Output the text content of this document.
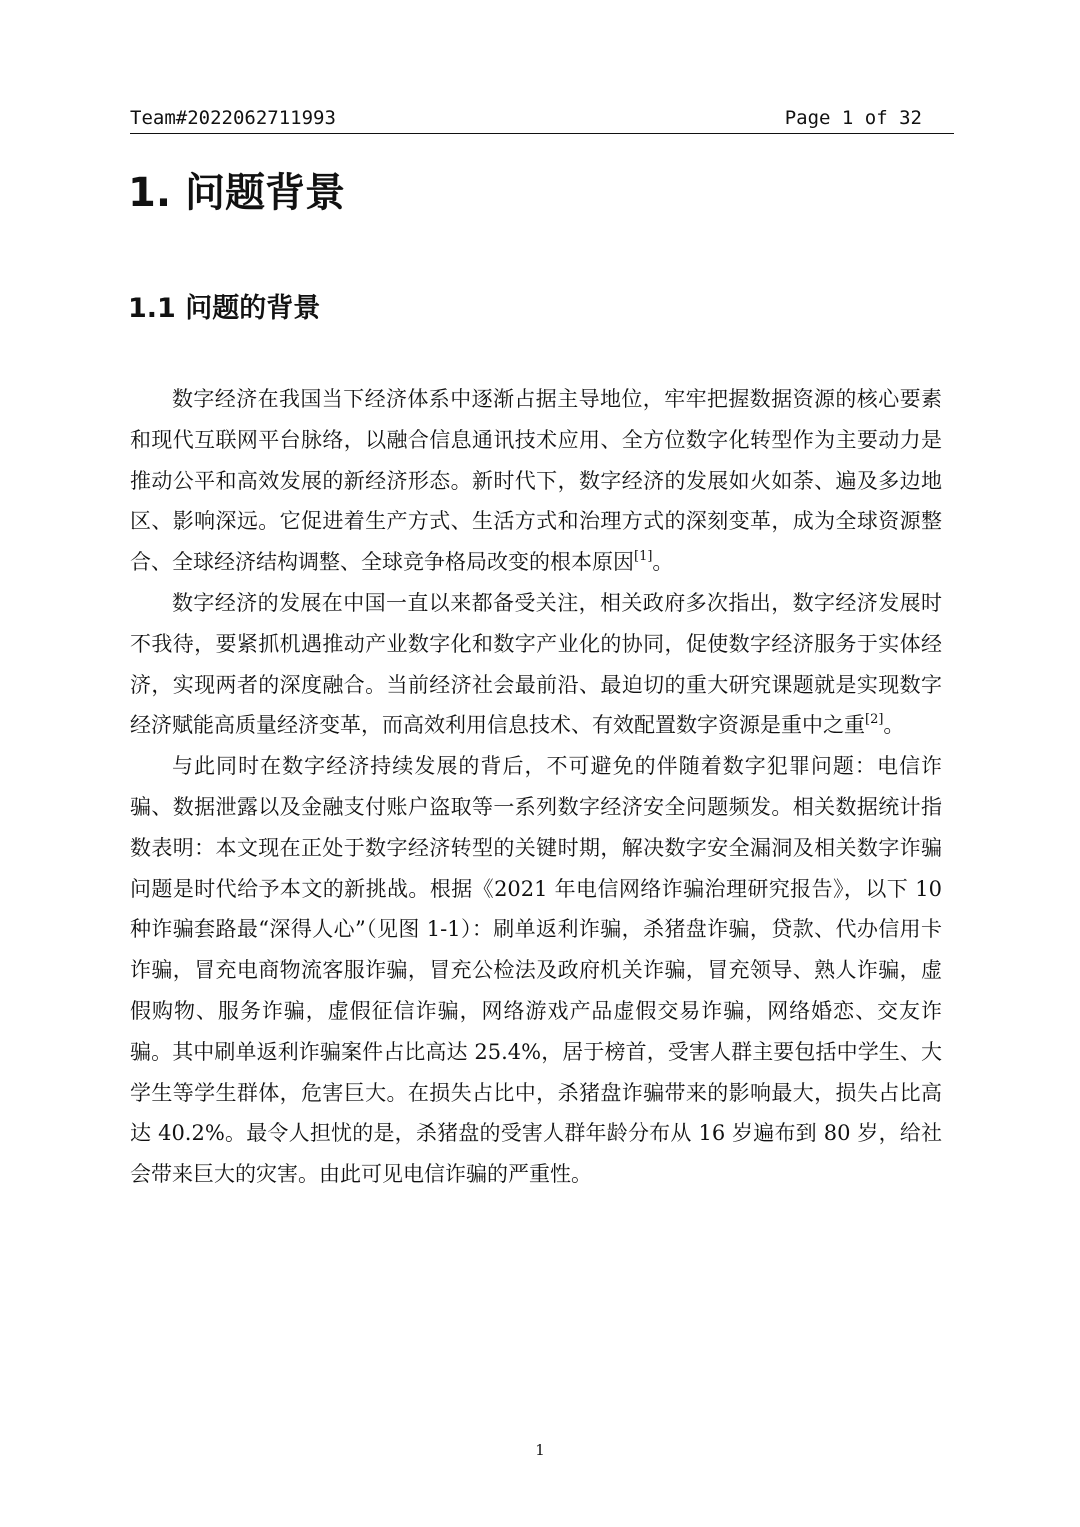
Team#2022062711993	Page 1 of 32
1. 问题背景
1.1 问题的背景

数字经济在我国当下经济体系中逐渐占据主导地位，牢牢把握数据资源的核心要素和现代互联网平台脉络，以融合信息通讯技术应用、全方位数字化转型作为主要动力是推动公平和高效发展的新经济形态。新时代下，数字经济的发展如火如荼、遍及多边地区、影响深远。它促进着生产方式、生活方式和治理方式的深刻变革，成为全球资源整合、全球经济结构调整、全球竞争格局改变的根本原因[1]。

数字经济的发展在中国一直以来都备受关注，相关政府多次指出，数字经济发展时不我待，要紧抓机遇推动产业数字化和数字产业化的协同，促使数字经济服务于实体经济，实现两者的深度融合。当前经济社会最前沿、最迫切的重大研究课题就是实现数字经济赋能高质量经济变革，而高效利用信息技术、有效配置数字资源是重中之重[2]。

与此同时在数字经济持续发展的背后，不可避免的伴随着数字犯罪问题：电信诈骗、数据泄露以及金融支付账户盗取等一系列数字经济安全问题频发。相关数据统计指数表明：本文现在正处于数字经济转型的关键时期，解决数字安全漏洞及相关数字诈骗问题是时代给予本文的新挑战。根据《2021 年电信网络诈骗治理研究报告》，以下 10 种诈骗套路最“深得人心”（见图 1-1）：刷单返利诈骗，杀猪盘诈骗，贷款、代办信用卡诈骗，冒充电商物流客服诈骗，冒充公检法及政府机关诈骗，冒充领导、熟人诈骗，虚假购物、服务诈骗，虚假征信诈骗，网络游戏产品虚假交易诈骗，网络婚恋、交友诈骗。其中刷单返利诈骗案件占比高达 25.4%，居于榜首，受害人群主要包括中学生、大学生等学生群体，危害巨大。在损失占比中，杀猪盘诈骗带来的影响最大，损失占比高达 40.2%。最令人担忧的是，杀猪盘的受害人群年龄分布从 16 岁遍布到 80 岁，给社会带来巨大的灾害。由此可见电信诈骗的严重性。

1
